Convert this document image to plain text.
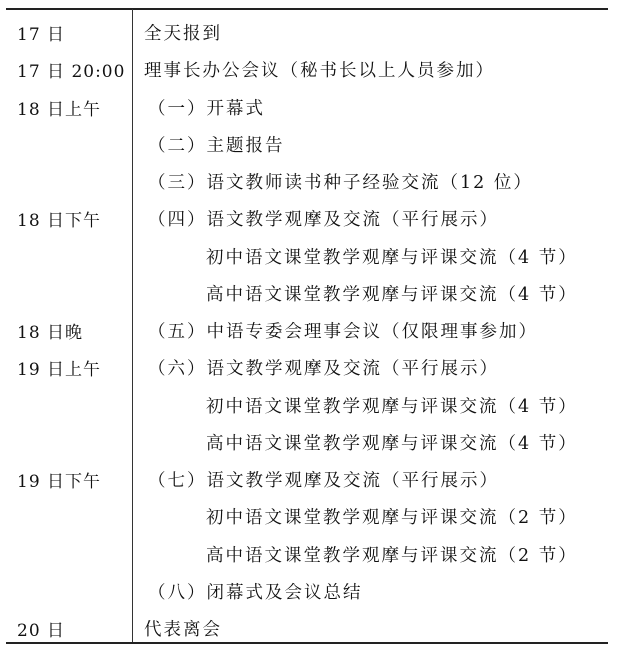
17 日	全天报到
17 日 20:00 理事长办公会议（秘书长以上人员参加）
18 日上午	（一）开幕式
（二）主题报告
（三）语文教师读书种子经验交流（12 位）
18 日下午	（四）语文教学观摩及交流（平行展示）
初中语文课堂教学观摩与评课交流（4 节）
高中语文课堂教学观摩与评课交流（4 节）
18 日晚	（五）中语专委会理事会议（仅限理事参加）
19 日上午	（六）语文教学观摩及交流（平行展示）
初中语文课堂教学观摩与评课交流（4 节）
高中语文课堂教学观摩与评课交流（4 节）
19 日下午	（七）语文教学观摩及交流（平行展示）
初中语文课堂教学观摩与评课交流（2 节）
高中语文课堂教学观摩与评课交流（2 节）
（八）闭幕式及会议总结
20 日	代表离会
